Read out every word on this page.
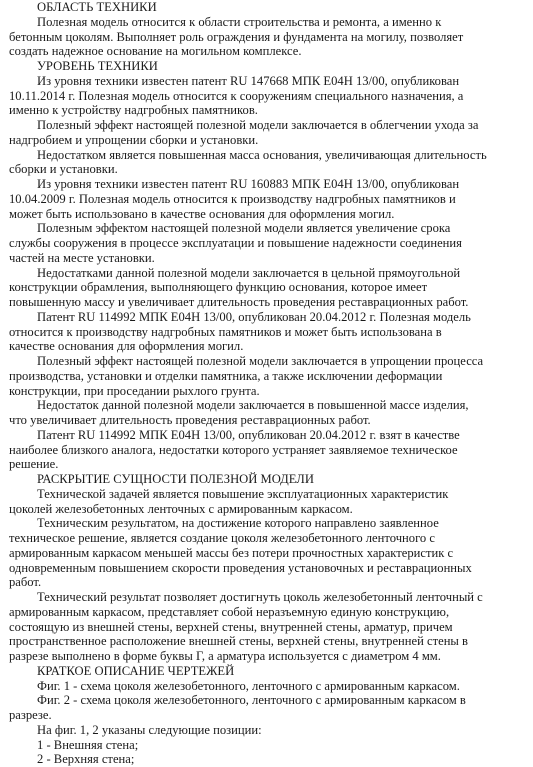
ОБЛАСТЬ ТЕХНИКИ
Полезная модель относится к области строительства и ремонта, а именно к
бетонным цоколям. Выполняет роль ограждения и фундамента на могилу, позволяет
создать надежное основание на могильном комплексе.
УРОВЕНЬ ТЕХНИКИ
Из уровня техники известен патент RU 147668 МПК E04H 13/00, опубликован
10.11.2014 г. Полезная модель относится к сооружениям специального назначения, а
именно к устройству надгробных памятников.
Полезный эффект настоящей полезной модели заключается в облегчении ухода за
надгробием и упрощении сборки и установки.
Недостатком является повышенная масса основания, увеличивающая длительность
сборки и установки.
Из уровня техники известен патент RU 160883 МПК E04H 13/00, опубликован
10.04.2009 г. Полезная модель относится к производству надгробных памятников и
может быть использовано в качестве основания для оформления могил.
Полезным эффектом настоящей полезной модели является увеличение срока
службы сооружения в процессе эксплуатации и повышение надежности соединения
частей на месте установки.
Недостатками данной полезной модели заключается в цельной прямоугольной
конструкции обрамления, выполняющего функцию основания, которое имеет
повышенную массу и увеличивает длительность проведения реставрационных работ.
Патент RU 114992 МПК E04H 13/00, опубликован 20.04.2012 г. Полезная модель
относится к производству надгробных памятников и может быть использована в
качестве основания для оформления могил.
Полезный эффект настоящей полезной модели заключается в упрощении процесса
производства, установки и отделки памятника, а также исключении деформации
конструкции, при проседании рыхлого грунта.
Недостаток данной полезной модели заключается в повышенной массе изделия,
что увеличивает длительность проведения реставрационных работ.
Патент RU 114992 МПК E04H 13/00, опубликован 20.04.2012 г. взят в качестве
наиболее близкого аналога, недостатки которого устраняет заявляемое техническое
решение.
РАСКРЫТИЕ СУЩНОСТИ ПОЛЕЗНОЙ МОДЕЛИ
Технической задачей является повышение эксплуатационных характеристик
цоколей железобетонных ленточных с армированным каркасом.
Техническим результатом, на достижение которого направлено заявленное
техническое решение, является создание цоколя железобетонного ленточного с
армированным каркасом меньшей массы без потери прочностных характеристик с
одновременным повышением скорости проведения установочных и реставрационных
работ.
Технический результат позволяет достигнуть цоколь железобетонный ленточный с
армированным каркасом, представляет собой неразъемную единую конструкцию,
состоящую из внешней стены, верхней стены, внутренней стены, арматур, причем
пространственное расположение внешней стены, верхней стены, внутренней стены в
разрезе выполнено в форме буквы Г, а арматура используется с диаметром 4 мм.
КРАТКОЕ ОПИСАНИЕ ЧЕРТЕЖЕЙ
Фиг. 1 - схема цоколя железобетонного, ленточного с армированным каркасом.
Фиг. 2 - схема цоколя железобетонного, ленточного с армированным каркасом в
разрезе.
На фиг. 1, 2 указаны следующие позиции:
1 - Внешняя стена;
2 - Верхняя стена;
